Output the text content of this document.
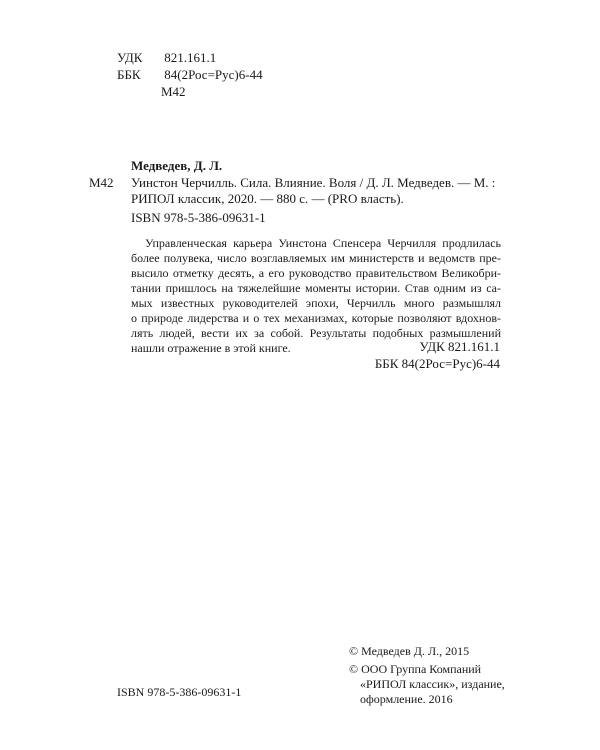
УДК 821.161.1
ББК 84(2Рос=Рус)6-44
М42
Медведев, Д. Л.
М42 Уинстон Черчилль. Сила. Влияние. Воля / Д. Л. Медведев. — М. :
РИПОЛ классик, 2020. — 880 с. — (PRO власть).
ISBN 978-5-386-09631-1
Управленческая карьера Уинстона Спенсера Черчилля продлилась
более полувека, число возглавляемых им министерств и ведомств пре-
высило отметку десять, а его руководство правительством Великобри-
тании пришлось на тяжелейшие моменты истории. Став одним из са-
мых известных руководителей эпохи, Черчилль много размышлял
о природе лидерства и о тех механизмах, которые позволяют вдохнов-
лять людей, вести их за собой. Результаты подобных размышлений
нашли отражение в этой книге.	УДК 821.161.1
ББК 84(2Рос=Рус)6-44
ISBN 978-5-386-09631-1
© Медведев Д. Л., 2015
© ООО Группа Компаний
«РИПОЛ классик», издание,
оформление. 2016
